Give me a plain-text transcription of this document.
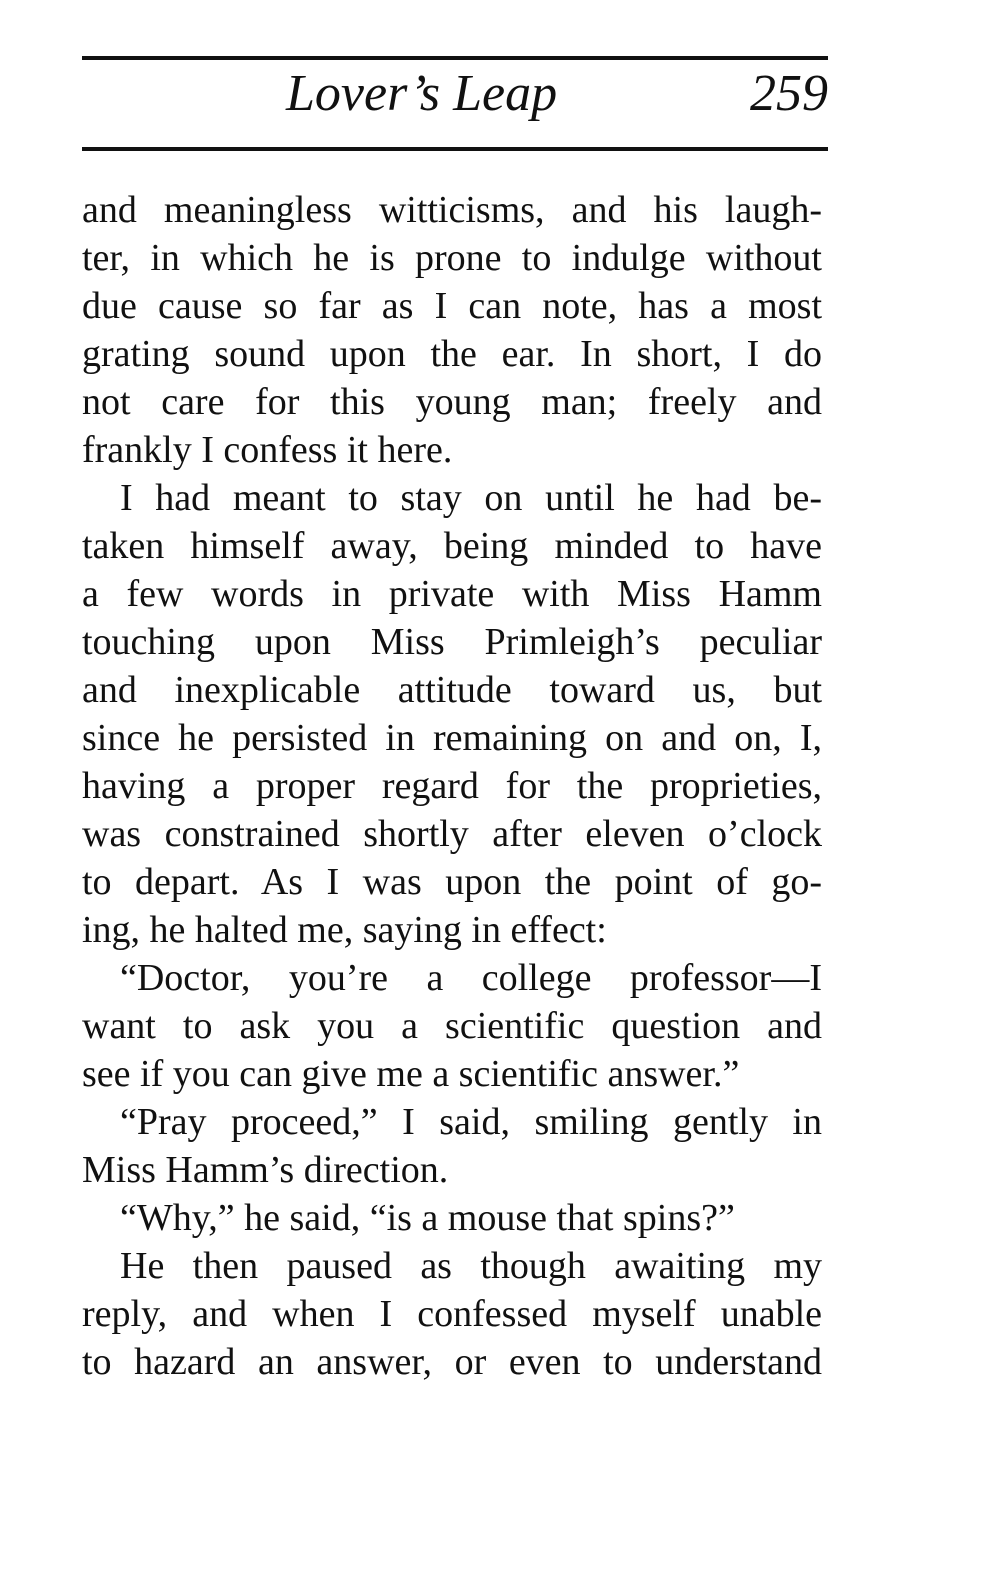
Lover’s Leap	259
and meaningless witticisms, and his laugh-
ter, in which he is prone to indulge without
due cause so far as I can note, has a most
grating sound upon the ear. In short, I do
not care for this young man; freely and
frankly I confess it here.
I had meant to stay on until he had be-
taken himself away, being minded to have
a few words in private with Miss Hamm
touching upon Miss Primleigh’s peculiar
and inexplicable attitude toward us, but
since he persisted in remaining on and on, I,
having a proper regard for the proprieties,
was constrained shortly after eleven o’clock
to depart. As I was upon the point of go-
ing, he halted me, saying in effect:
“Doctor, you’re a college professor—I
want to ask you a scientific question and
see if you can give me a scientific answer.”
“Pray proceed,” I said, smiling gently in
Miss Hamm’s direction.
“Why,” he said, “is a mouse that spins?”
He then paused as though awaiting my
reply, and when I confessed myself unable
to hazard an answer, or even to understand
